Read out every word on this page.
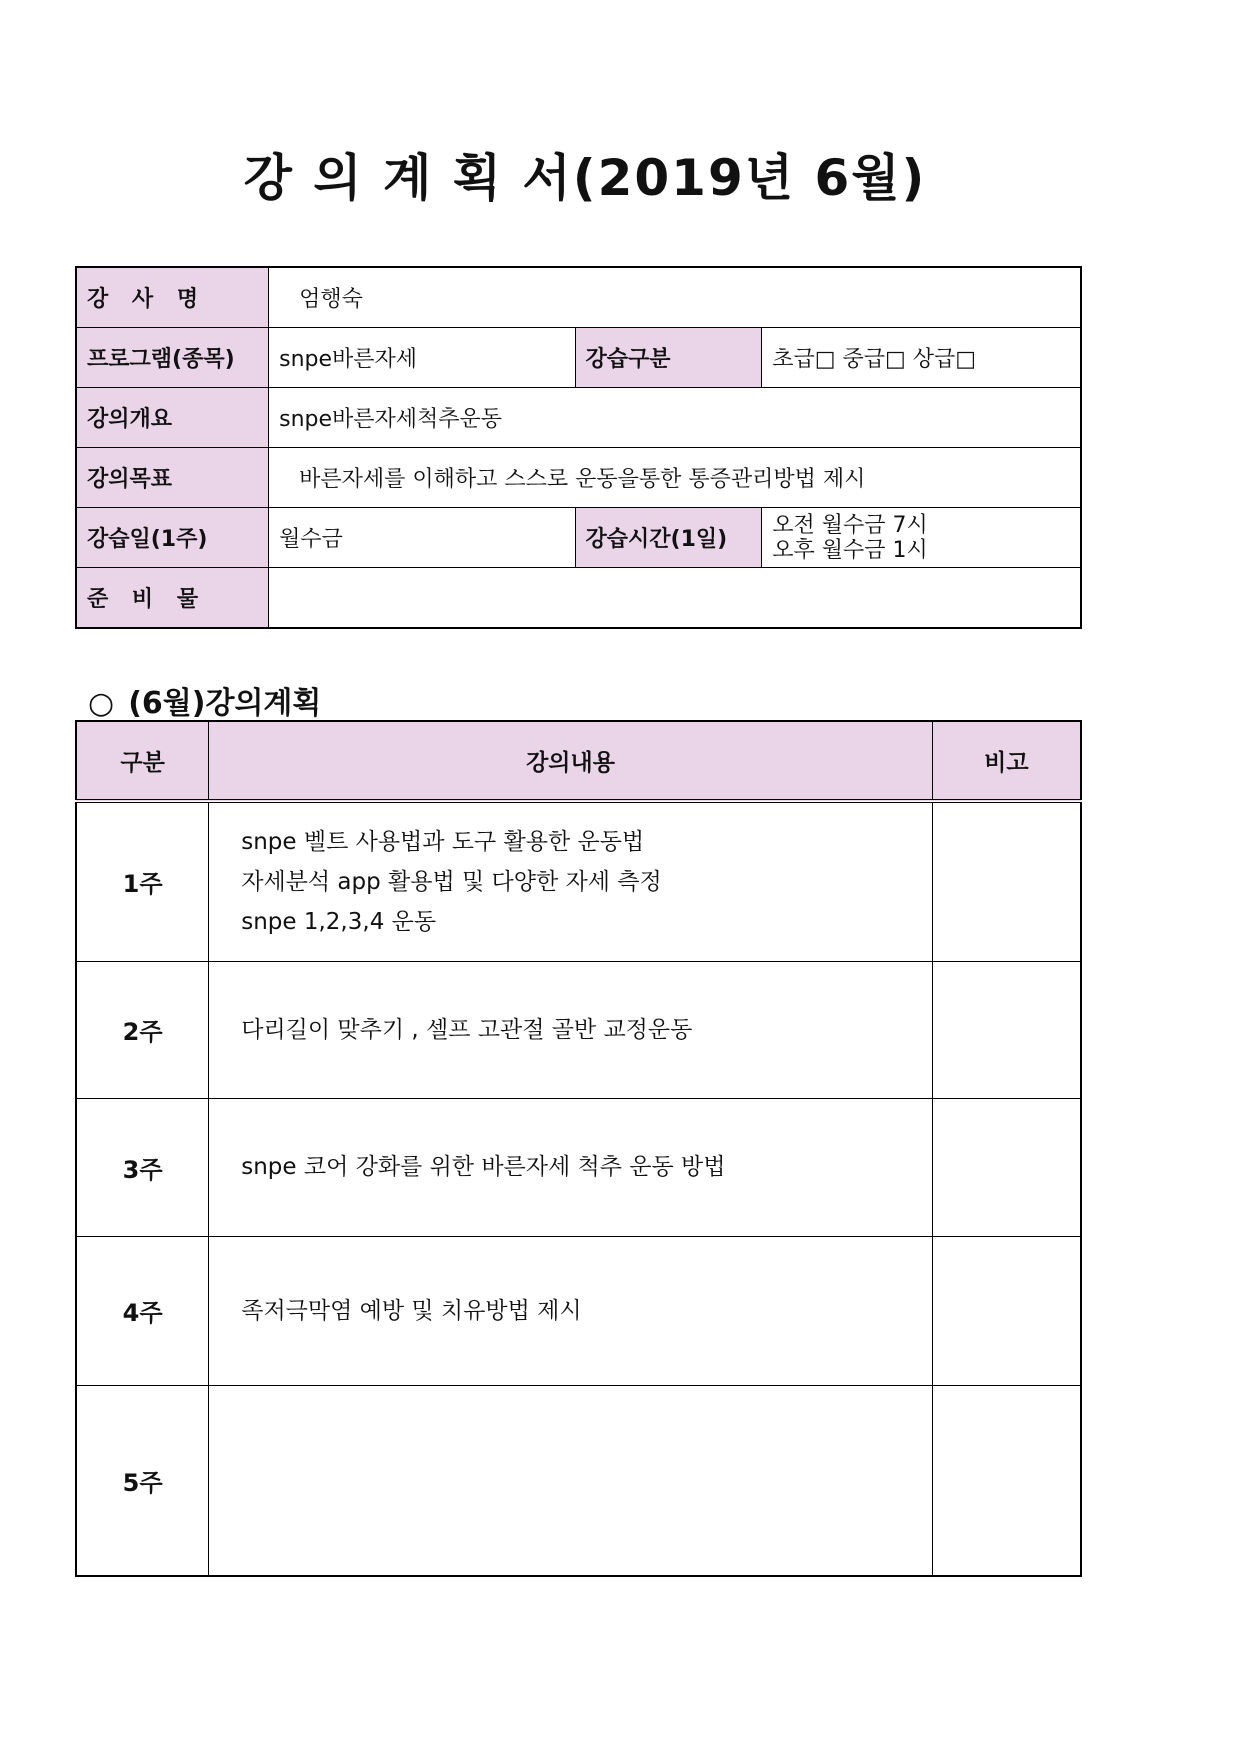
강 의 계 획 서(2019년 6월)
강 사 명	엄행숙		
프로그램(종목)	snpe바른자세	강습구분	초급□ 중급□ 상급□
강의개요	snpe바른자세척추운동		
강의목표	바른자세를 이해하고 스스로 운동을통한 통증관리방법 제시		
강습일(1주)	월수금	강습시간(1일)	오전 월수금 7시
오후 월수금 1시

준 비 물			
○ (6월)강의계획
구분	강의내용	비고
1주	snpe 벨트 사용법과 도구 활용한 운동법
자세분석 app 활용법 및 다양한 자세 측정
snpe 1,2,3,4 운동	

2주	다리길이 맞추기 , 셀프 고관절 골반 교정운동	

3주	snpe 코어 강화를 위한 바른자세 척추 운동 방법	

4주	족저극막염 예방 및 치유방법 제시	

5주		
